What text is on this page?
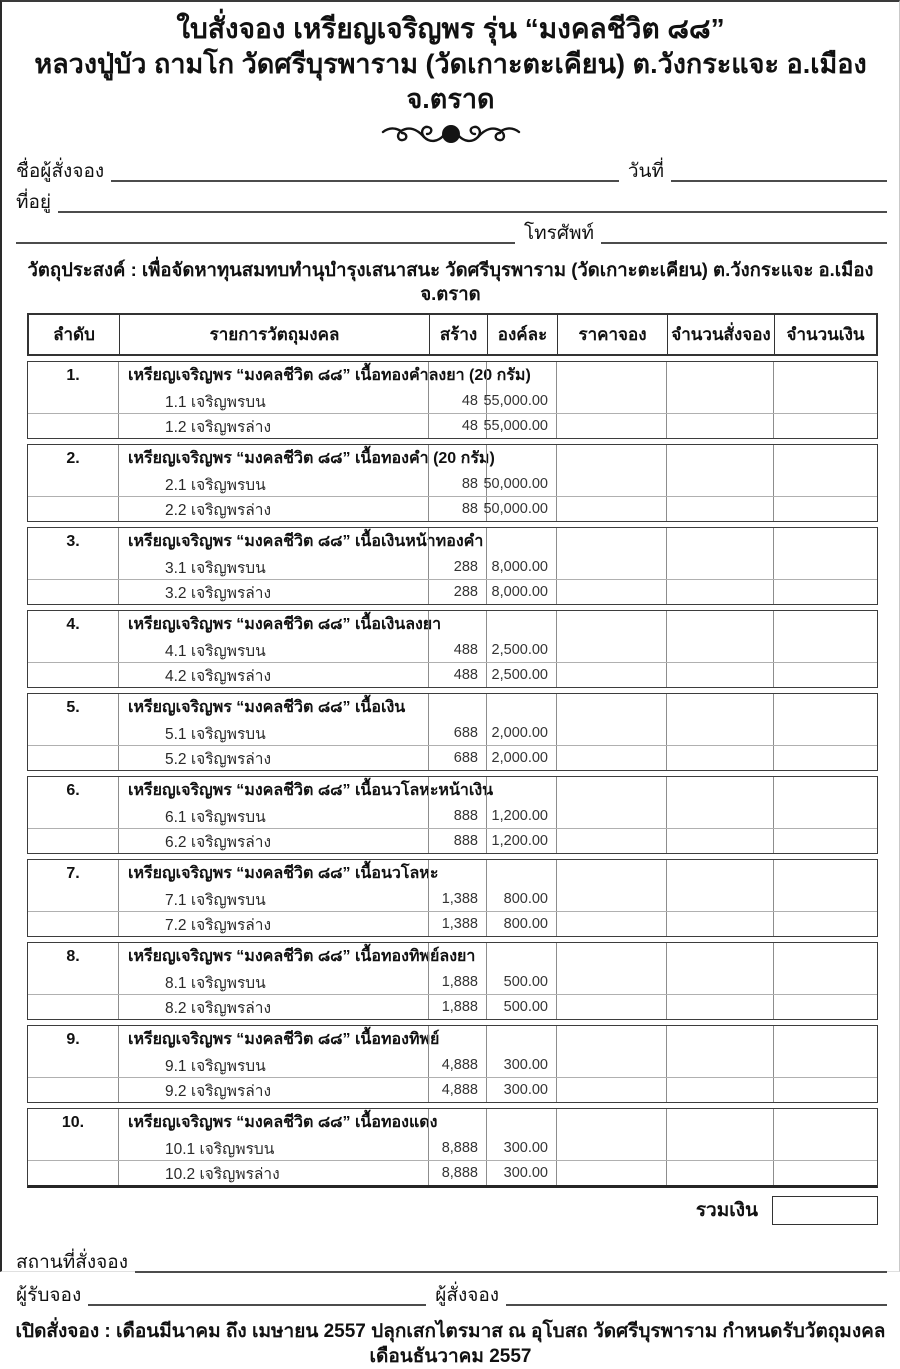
ใบสั่งจอง เหรียญเจริญพร รุ่น “มงคลชีวิต ๘๘”
หลวงปู่บัว ถามโก วัดศรีบุรพาราม (วัดเกาะตะเคียน) ต.วังกระแจะ อ.เมือง จ.ตราด
ชื่อผู้สั่งจอง	วันที่
ที่อยู่
โทรศัพท์
วัตถุประสงค์ : เพื่อจัดหาทุนสมทบทำนุบำรุงเสนาสนะ วัดศรีบุรพาราม (วัดเกาะตะเคียน) ต.วังกระแจะ อ.เมือง จ.ตราด
ลำดับ	รายการวัตถุมงคล	สร้าง	องค์ละ	ราคาจอง	จำนวนสั่งจอง จำนวนเงิน
1.	เหรียญเจริญพร “มงคลชีวิต ๘๘” เนื้อทองคำลงยา (20 กรัม)
1.1 เจริญพรบน	48 55,000.00
1.2 เจริญพรล่าง	48 55,000.00
2.	เหรียญเจริญพร “มงคลชีวิต ๘๘” เนื้อทองคำ (20 กรัม)
2.1 เจริญพรบน	88 50,000.00
2.2 เจริญพรล่าง	88 50,000.00
3.	เหรียญเจริญพร “มงคลชีวิต ๘๘” เนื้อเงินหน้าทองคำ
3.1 เจริญพรบน	288 8,000.00
3.2 เจริญพรล่าง	288 8,000.00
4.	เหรียญเจริญพร “มงคลชีวิต ๘๘” เนื้อเงินลงยา
4.1 เจริญพรบน	488 2,500.00
4.2 เจริญพรล่าง	488 2,500.00
5.	เหรียญเจริญพร “มงคลชีวิต ๘๘” เนื้อเงิน
5.1 เจริญพรบน	688 2,000.00
5.2 เจริญพรล่าง	688 2,000.00
6.	เหรียญเจริญพร “มงคลชีวิต ๘๘” เนื้อนวโลหะหน้าเงิน
6.1 เจริญพรบน	888 1,200.00
6.2 เจริญพรล่าง	888 1,200.00
7.	เหรียญเจริญพร “มงคลชีวิต ๘๘” เนื้อนวโลหะ
7.1 เจริญพรบน	1,388	800.00
7.2 เจริญพรล่าง	1,388	800.00
8.	เหรียญเจริญพร “มงคลชีวิต ๘๘” เนื้อทองทิพย์ลงยา
8.1 เจริญพรบน	1,888	500.00
8.2 เจริญพรล่าง	1,888	500.00
9.	เหรียญเจริญพร “มงคลชีวิต ๘๘” เนื้อทองทิพย์
9.1 เจริญพรบน	4,888	300.00
9.2 เจริญพรล่าง	4,888	300.00
10.	เหรียญเจริญพร “มงคลชีวิต ๘๘” เนื้อทองแดง
10.1 เจริญพรบน	8,888	300.00
10.2 เจริญพรล่าง	8,888	300.00
รวมเงิน
สถานที่สั่งจอง
ผู้รับจอง	ผู้สั่งจอง
เปิดสั่งจอง : เดือนมีนาคม ถึง เมษายน 2557 ปลุกเสกไตรมาส ณ อุโบสถ วัดศรีบุรพาราม กำหนดรับวัตถุมงคล เดือนธันวาคม 2557
